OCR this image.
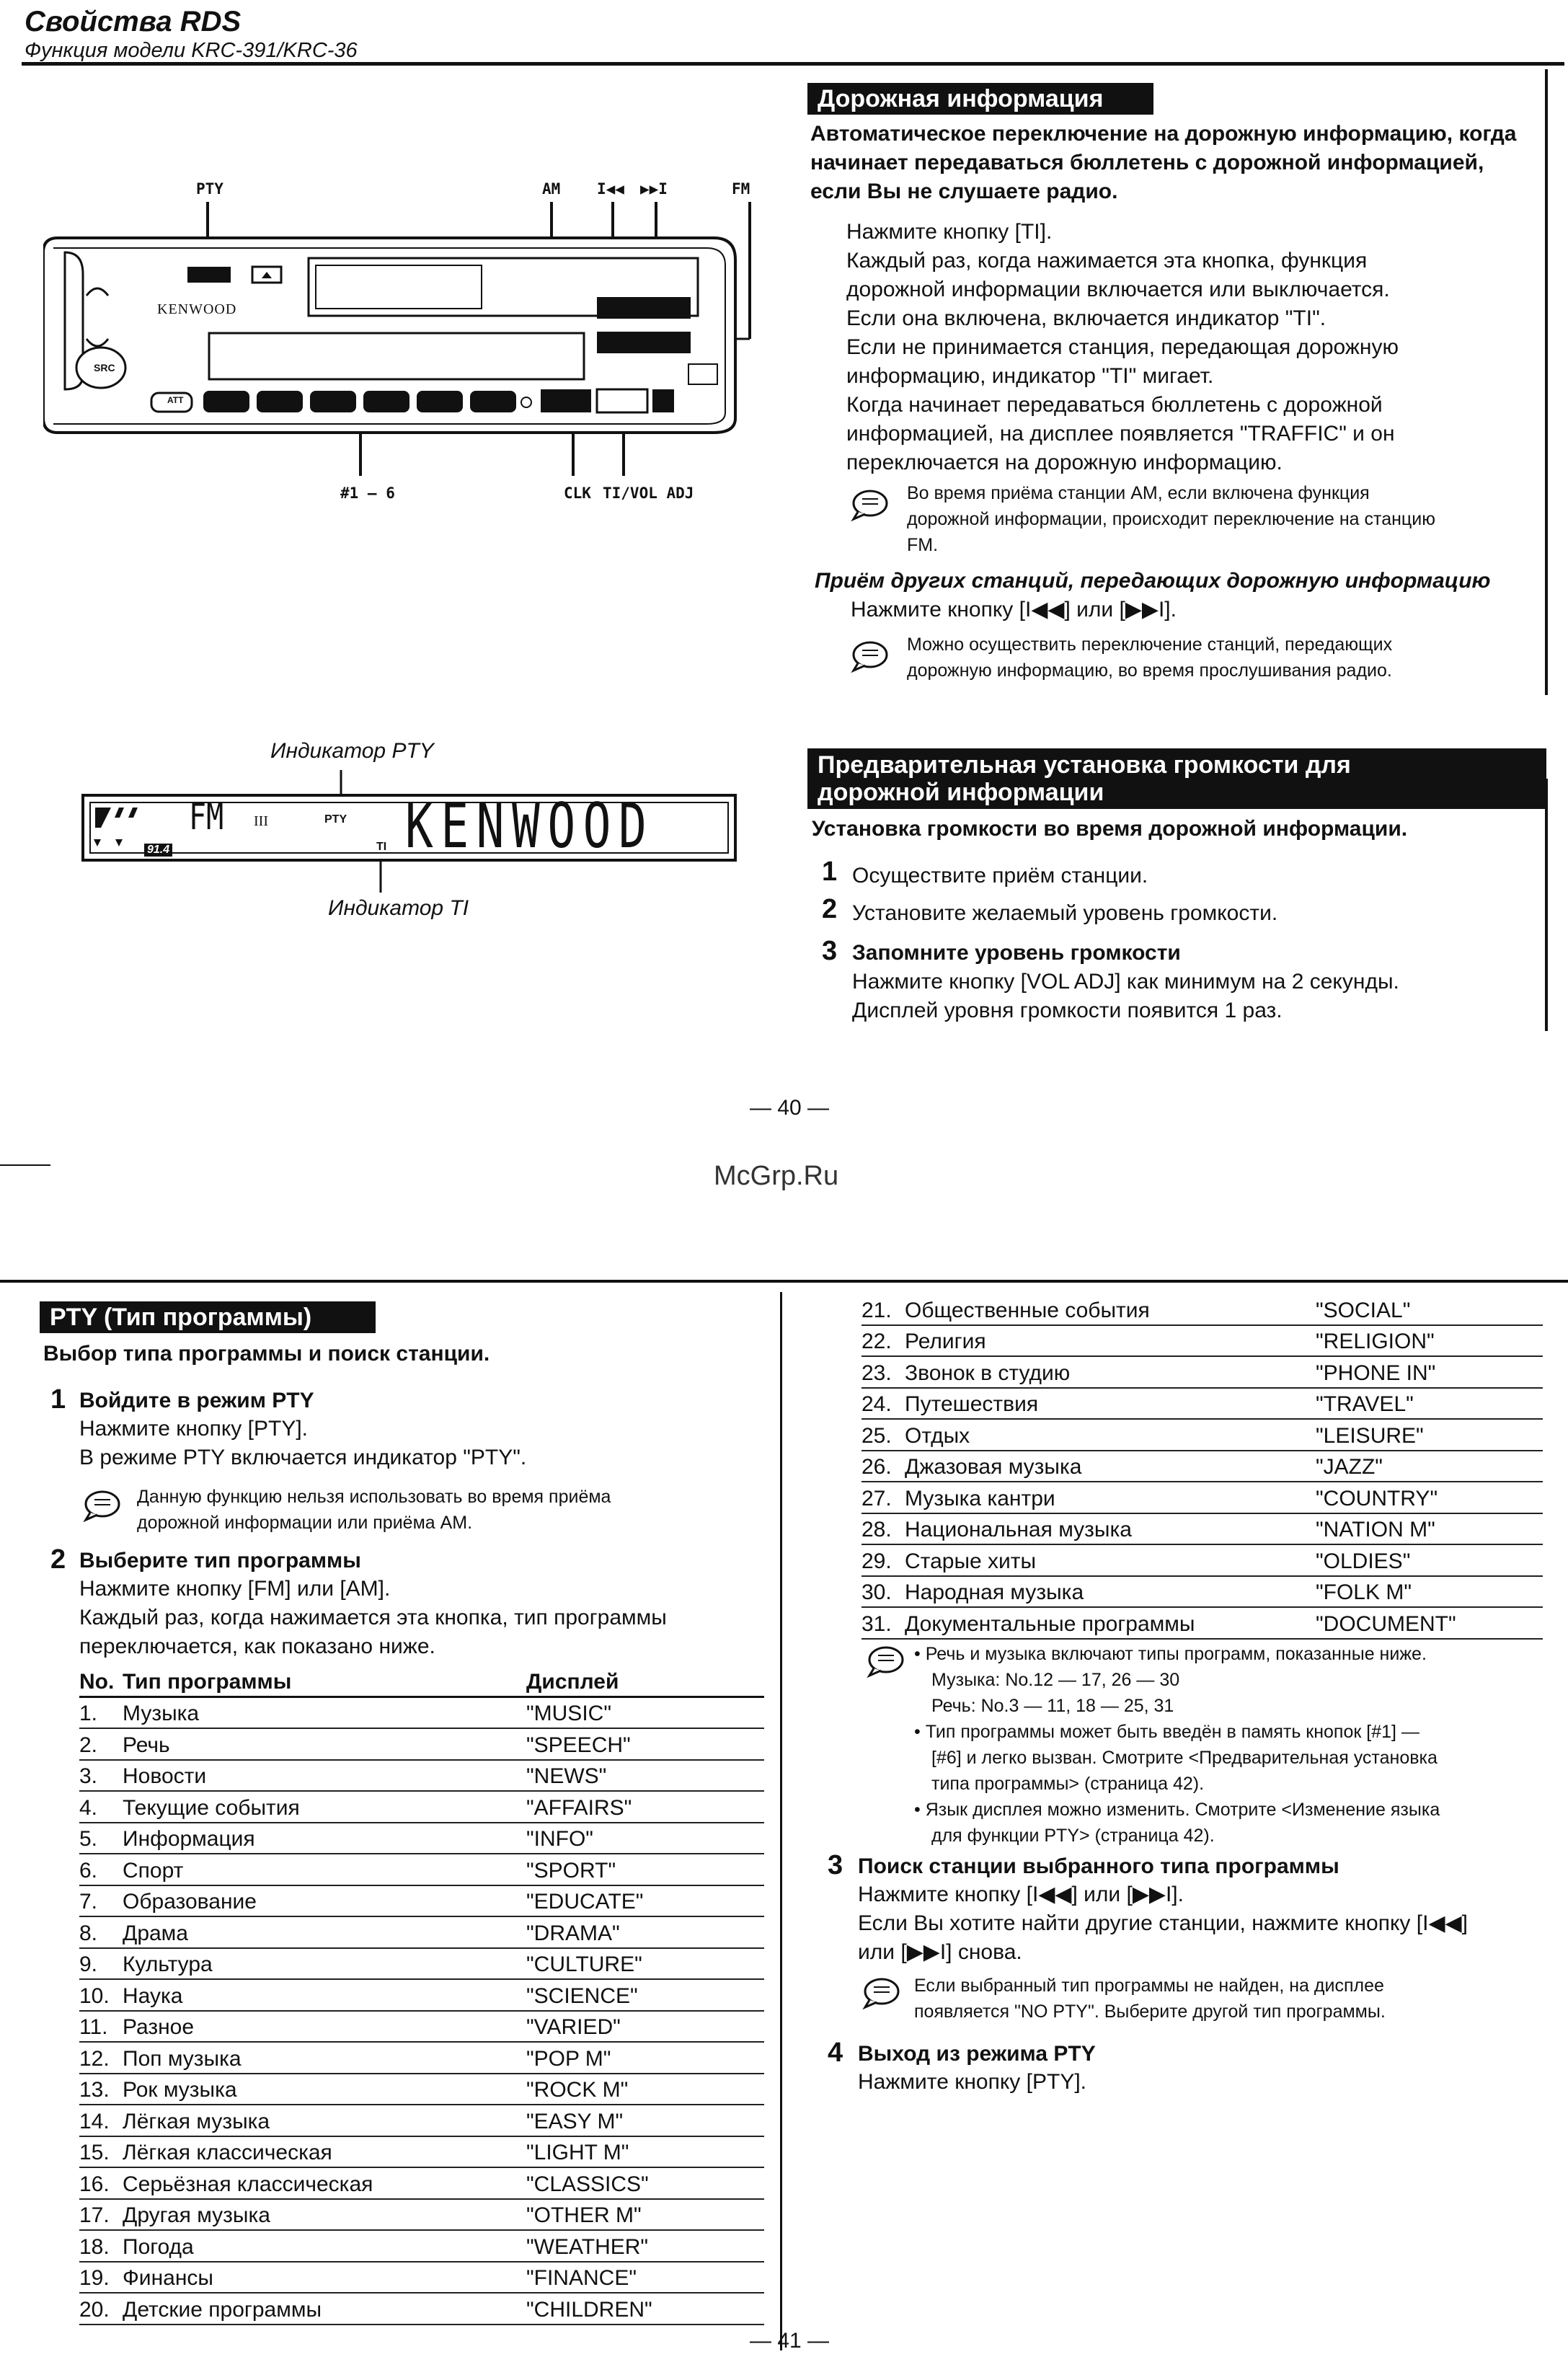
Свойства RDS
Функция модели KRC-391/KRC-36
PTY	AM I◀◀ ▶▶I	FM
KENWOOD
ATT
SRC
#1 – 6	CLK TI/VOL ADJ
Индикатор PTY
FM III	PTY
91.4	TI KENWOOD
Индикатор TI
Дорожная информация
Автоматическое переключение на дорожную информацию, когда начинает передаваться бюллетень с дорожной информацией, если Вы не слушаете радио.
Нажмите кнопку [TI].
Каждый раз, когда нажимается эта кнопка, функция
дорожной информации включается или выключается.
Если она включена, включается индикатор "TI".
Если не принимается станция, передающая дорожную
информацию, индикатор "TI" мигает.
Когда начинает передаваться бюллетень с дорожной
информацией, на дисплее появляется "TRAFFIC" и он
переключается на дорожную информацию.
Во время приёма станции АМ, если включена функция
дорожной информации, происходит переключение на станцию
FM.
Приём других станций, передающих дорожную информацию
Нажмите кнопку [I◀◀] или [▶▶I].
Можно осуществить переключение станций, передающих
дорожную информацию, во время прослушивания радио.
Предварительная установка громкости для
дорожной информации
Установка громкости во время дорожной информации.
1 Осуществите приём станции.
2 Установите желаемый уровень громкости.
3 Запомните уровень громкости
Нажмите кнопку [VOL ADJ] как минимум на 2 секунды.
Дисплей уровня громкости появится 1 раз.
— 40 —
McGrp.Ru
PTY (Тип программы)
Выбор типа программы и поиск станции.
1 Войдите в режим PTY
Нажмите кнопку [PTY].
В режиме PTY включается индикатор "PTY".
Данную функцию нельзя использовать во время приёма
дорожной информации или приёма АМ.
2 Выберите тип программы
Нажмите кнопку [FM] или [AM].
Каждый раз, когда нажимается эта кнопка, тип программы
переключается, как показано ниже.
No.	Тип программы	Дисплей
1.	Музыка	"MUSIC"
2.	Речь	"SPEECH"
3.	Новости	"NEWS"
4.	Текущие события	"AFFAIRS"
5.	Информация	"INFO"
6.	Спорт	"SPORT"
7.	Образование	"EDUCATE"
8.	Драма	"DRAMA"
9.	Культура	"CULTURE"
10.	Наука	"SCIENCE"
11.	Разное	"VARIED"
12.	Поп музыка	"POP M"
13.	Рок музыка	"ROCK M"
14.	Лёгкая музыка	"EASY M"
15.	Лёгкая классическая	"LIGHT M"
16.	Серьёзная классическая	"CLASSICS"
17.	Другая музыка	"OTHER M"
18.	Погода	"WEATHER"
19.	Финансы	"FINANCE"
20.	Детские программы	"CHILDREN"
21.	Общественные события	"SOCIAL"
22.	Религия	"RELIGION"
23.	Звонок в студию	"PHONE IN"
24.	Путешествия	"TRAVEL"
25.	Отдых	"LEISURE"
26.	Джазовая музыка	"JAZZ"
27.	Музыка кантри	"COUNTRY"
28.	Национальная музыка	"NATION M"
29.	Старые хиты	"OLDIES"
30.	Народная музыка	"FOLK M"
31.	Документальные программы	"DOCUMENT"
• Речь и музыка включают типы программ, показанные ниже.
Музыка: No.12 — 17, 26 — 30
Речь: No.3 — 11, 18 — 25, 31
• Тип программы может быть введён в память кнопок [#1] —
[#6] и легко вызван. Смотрите <Предварительная установка
типа программы> (страница 42).
• Язык дисплея можно изменить. Смотрите <Изменение языка
для функции PTY> (страница 42).
3 Поиск станции выбранного типа программы
Нажмите кнопку [I◀◀] или [▶▶I].
Если Вы хотите найти другие станции, нажмите кнопку [I◀◀]
или [▶▶I] снова.
Если выбранный тип программы не найден, на дисплее
появляется "NO PTY". Выберите другой тип программы.
4 Выход из режима PTY
Нажмите кнопку [PTY].
— 41 —
